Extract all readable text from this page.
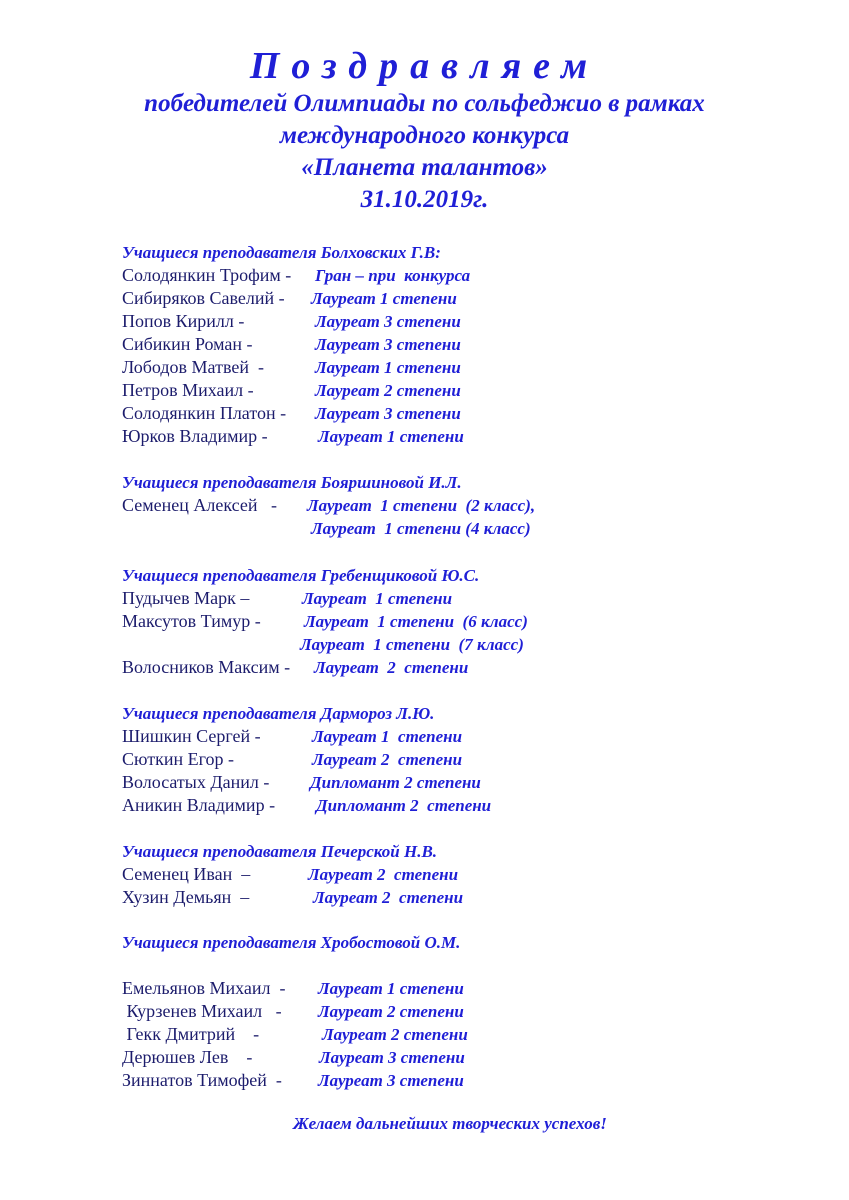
Поздравляем
победителей Олимпиады по сольфеджио в рамках
международного конкурса
«Планета талантов»
31.10.2019г.
Учащиеся преподавателя Болховских Г.В:
Солодянкин Трофим - Гран – при  конкурса
Сибиряков Савелий - Лауреат 1 степени
Попов Кирилл -	Лауреат 3 степени
Сибикин Роман -	Лауреат 3 степени
Лободов Матвей  -	Лауреат 1 степени
Петров Михаил -	Лауреат 2 степени
Солодянкин Платон - Лауреат 3 степени
Юрков Владимир -	Лауреат 1 степени
Учащиеся преподавателя Бояршиновой И.Л.
Семенец Алексей   - Лауреат  1 степени  (2 класс),
Лауреат  1 степени (4 класс)
Учащиеся преподавателя Гребенщиковой Ю.С.
Пудычев Марк –	Лауреат  1 степени
Максутов Тимур -	Лауреат  1 степени  (6 класс)
Лауреат  1 степени  (7 класс)
Волосников Максим - Лауреат  2  степени
Учащиеся преподавателя Дармороз Л.Ю.
Шишкин Сергей -	Лауреат 1  степени
Сюткин Егор -	Лауреат 2  степени
Волосатых Данил - Дипломант 2 степени
Аникин Владимир - Дипломант 2  степени
Учащиеся преподавателя Печерской Н.В.
Семенец Иван  –	Лауреат 2  степени
Хузин Демьян  –	Лауреат 2  степени
Учащиеся преподавателя Хробостовой О.М.
Емельянов Михаил  - Лауреат 1 степени
Курзенев Михаил   - Лауреат 2 степени
Гекк Дмитрий    -	Лауреат 2 степени
Дерюшев Лев    -	Лауреат 3 степени
Зиннатов Тимофей  - Лауреат 3 степени
Желаем дальнейших творческих успехов!
